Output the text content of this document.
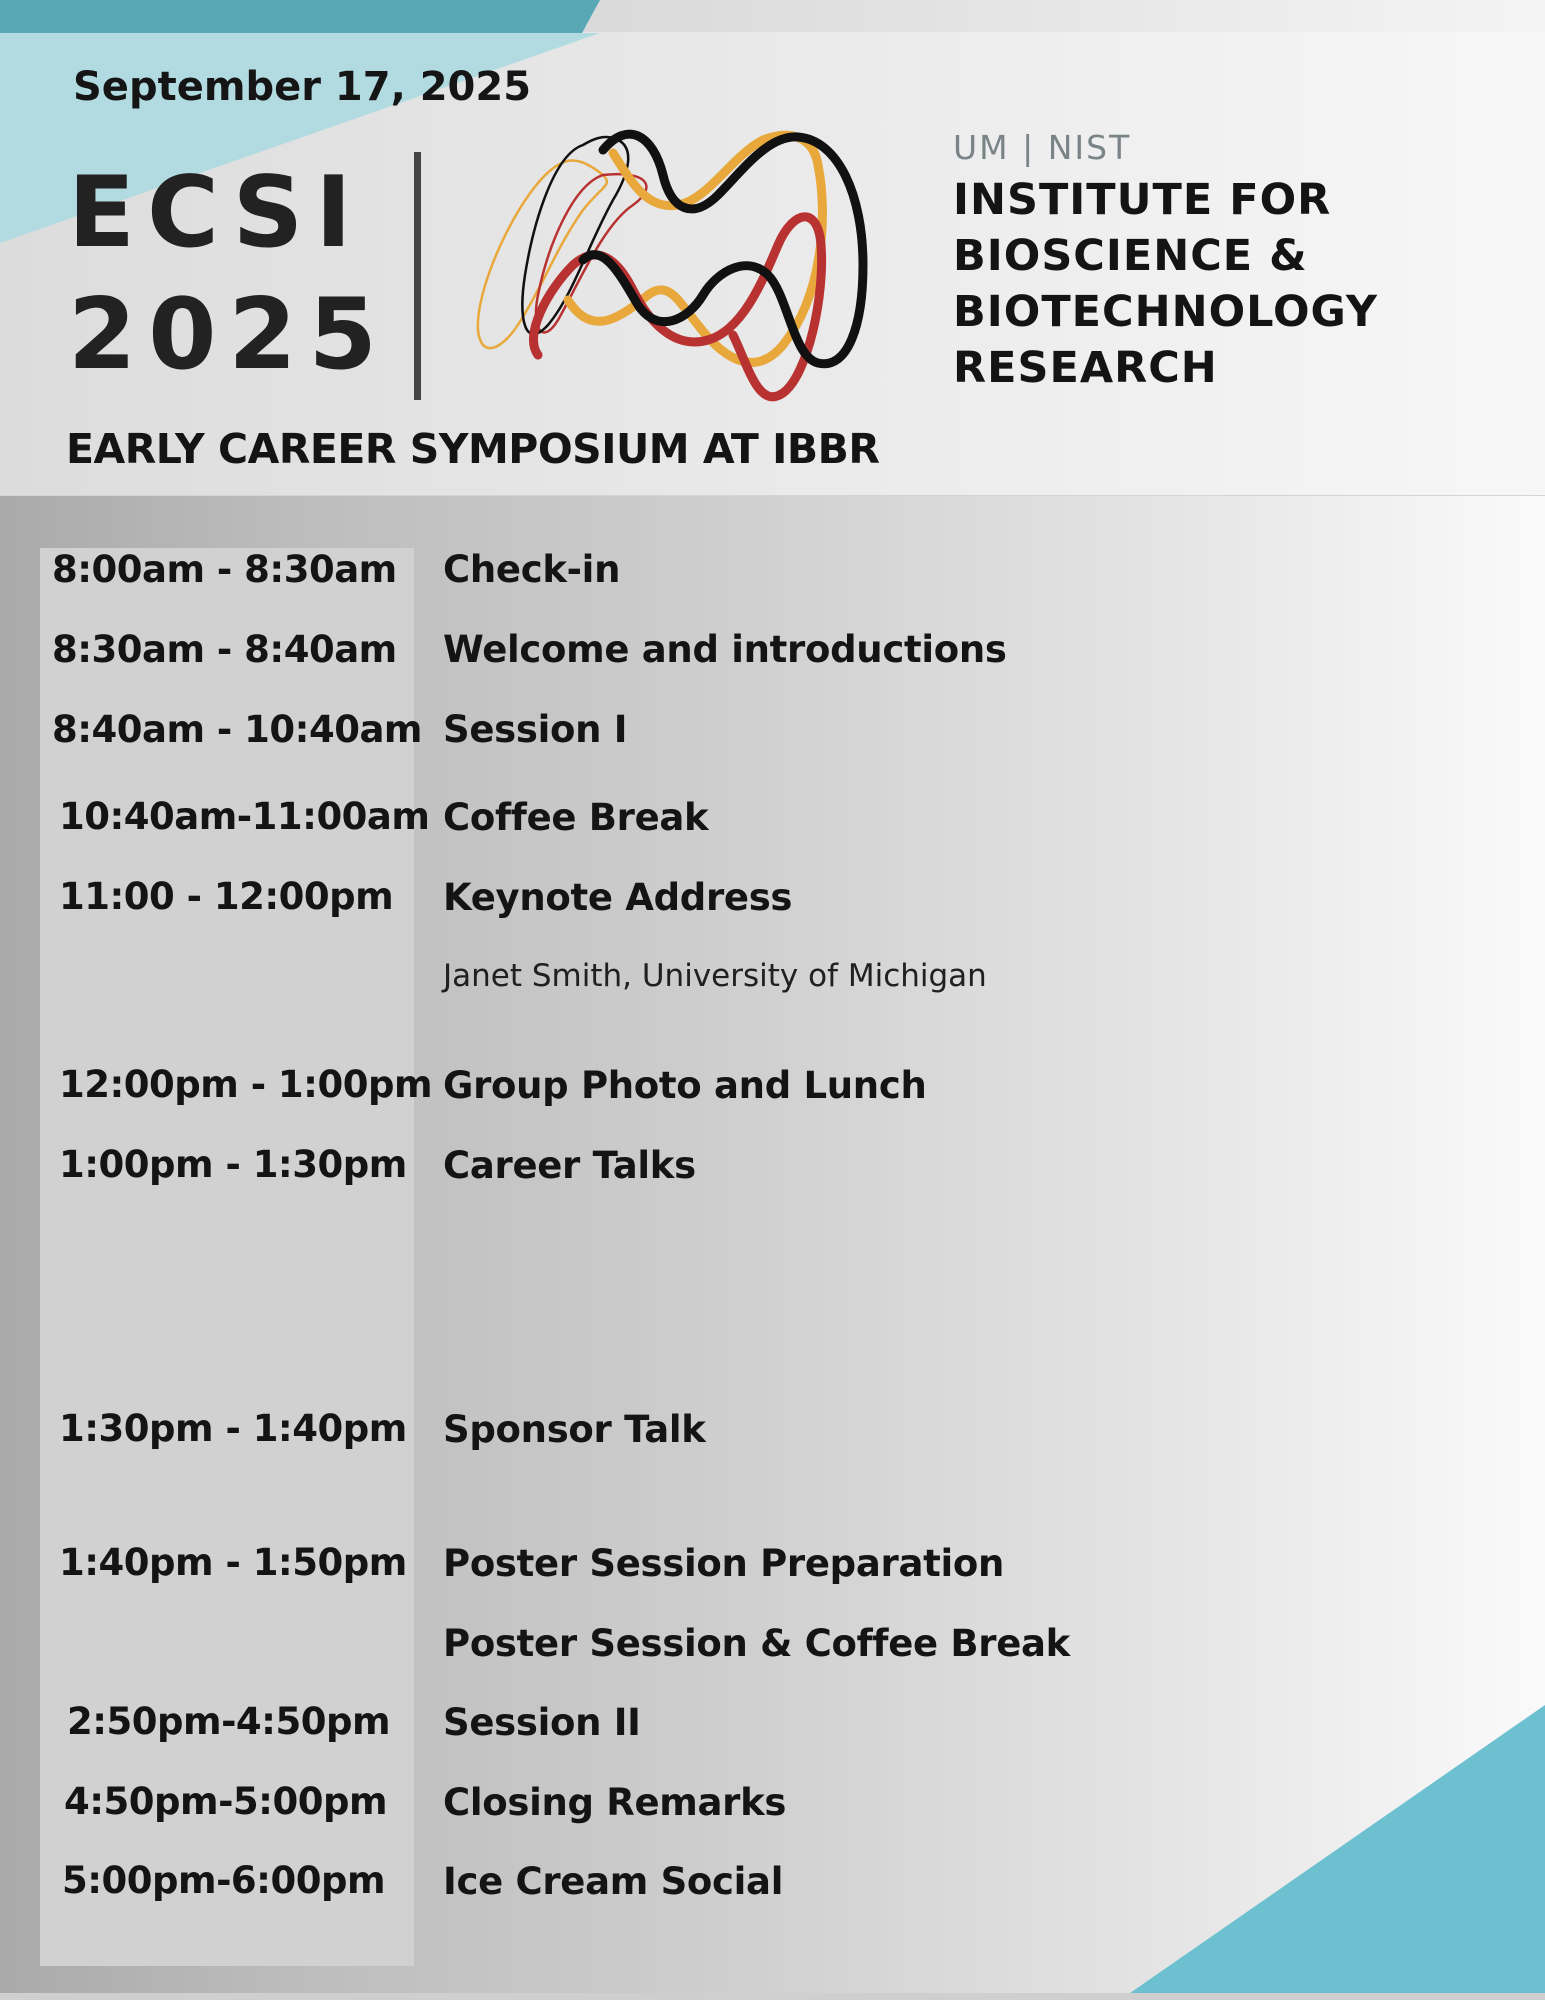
September 17, 2025

ECSI
2025

UM | NIST

INSTITUTE FOR
BIOSCIENCE &
BIOTECHNOLOGY
RESEARCH

EARLY CAREER SYMPOSIUM AT IBBR

8:00am - 8:30am Check-in

8:30am - 8:40am Welcome and introductions

8:40am - 10:40am Session I

10:40am-11:00am Coffee Break

11:00 - 12:00pm Keynote Address

Janet Smith, University of Michigan

12:00pm - 1:00pm Group Photo and Lunch

1:00pm - 1:30pm Career Talks

1:30pm - 1:40pm Sponsor Talk

1:40pm - 1:50pm Poster Session Preparation

Poster Session & Coffee Break

2:50pm-4:50pm Session II

4:50pm-5:00pm Closing Remarks

5:00pm-6:00pm Ice Cream Social
